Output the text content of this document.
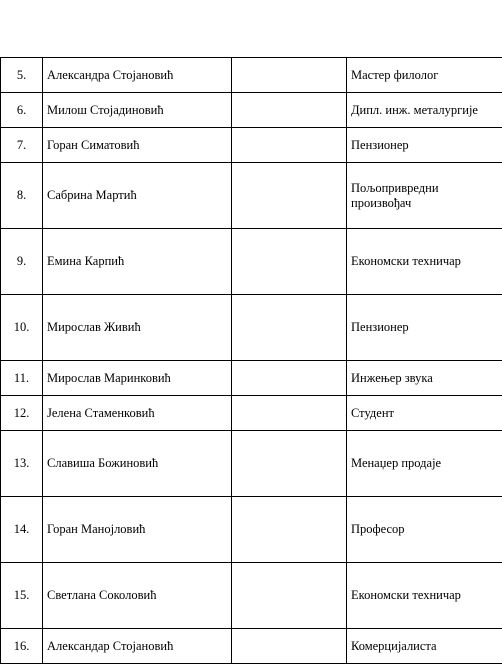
5.	Александра Стојановић		Мастер филолог
6.	Милош Стојадиновић		Дипл. инж. металургије
7.	Горан Симатовић		Пензионер
8.	Сабрина Мартић		Пољопривредни произвођач
9.	Емина Карпић		Економски техничар
10.	Мирослав Живић		Пензионер
11.	Мирослав Маринковић		Инжењер звука
12.	Јелена Стаменковић		Студент
13.	Славиша Божиновић		Менаџер продаје
14.	Горан Манојловић		Професор
15.	Светлана Соколовић		Економски техничар
16.	Александар Стојановић		Комерцијалиста
